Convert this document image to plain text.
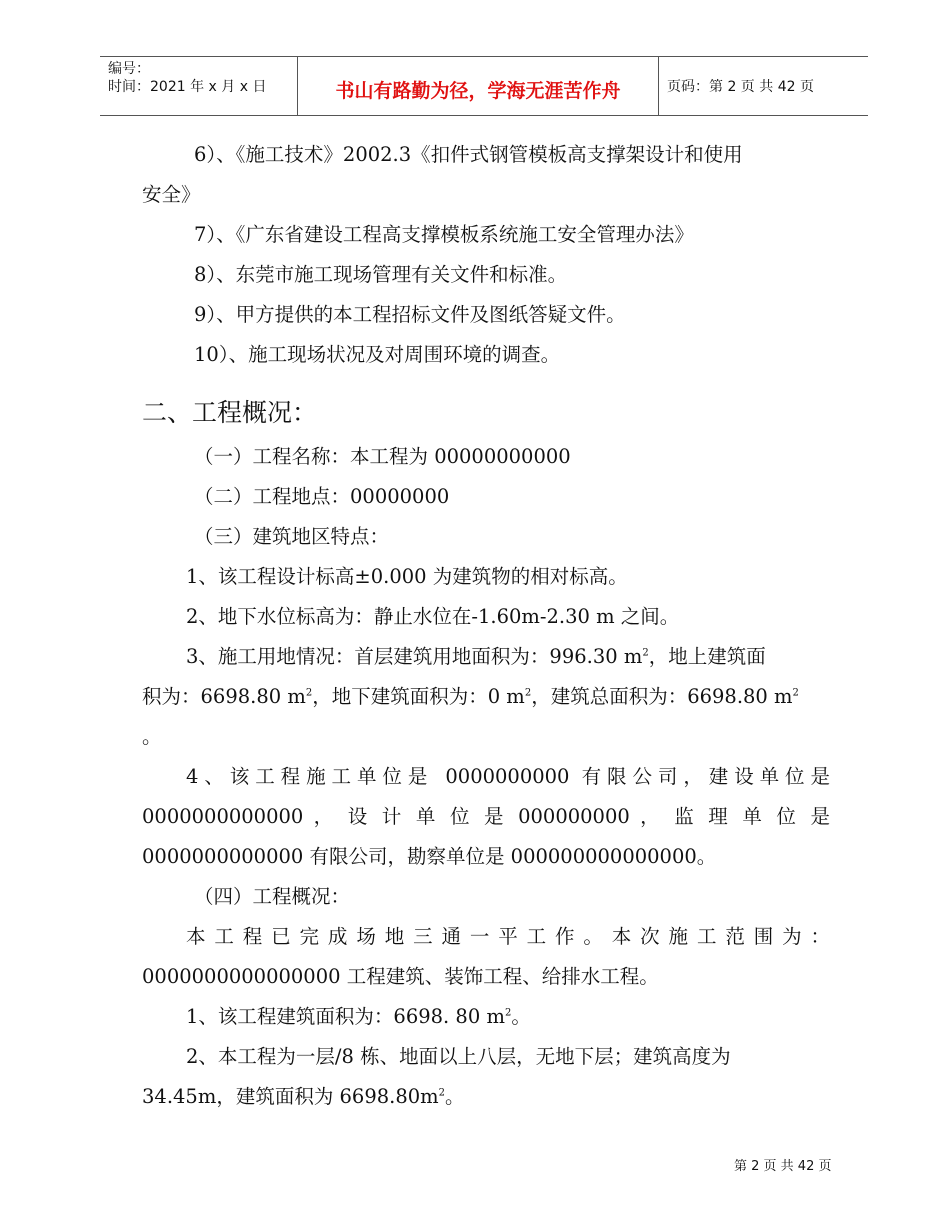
编号：
时间：2021 年 x 月 x 日	书山有路勤为径，学海无涯苦作舟	页码：第 2 页 共 42 页
6）、《施工技术》2002.3《扣件式钢管模板高支撑架设计和使用
安全》
7）、《广东省建设工程高支撑模板系统施工安全管理办法》
8）、东莞市施工现场管理有关文件和标准。
9）、甲方提供的本工程招标文件及图纸答疑文件。
10）、施工现场状况及对周围环境的调查。
二、工程概况：
（一）工程名称：本工程为 00000000000
（二）工程地点：00000000
（三）建筑地区特点：
1、该工程设计标高±0.000 为建筑物的相对标高。
2、地下水位标高为：静止水位在-1.60m-2.30 m 之间。
3、施工用地情况：首层建筑用地面积为：996.30 $m^2$，地上建筑面
积为：6698.80 $m^2$，地下建筑面积为：0 $m^2$，建筑总面积为：6698.80 $m^2$
。
4、该工程施工单位是 0000000000 有限公司，建设单位是
0000000000000 ， 设 计 单 位 是 000000000 ， 监 理 单 位 是
0000000000000 有限公司，勘察单位是 000000000000000。
（四）工程概况：
本工程已完成场地三通一平工作。本次施工范围为：
0000000000000000 工程建筑、装饰工程、给排水工程。
1、该工程建筑面积为：6698. 80 $m^2$。
2、本工程为一层/8 栋、地面以上八层，无地下层；建筑高度为
34.45m，建筑面积为 $6698.80m^2$。
第 2 页 共 42 页
